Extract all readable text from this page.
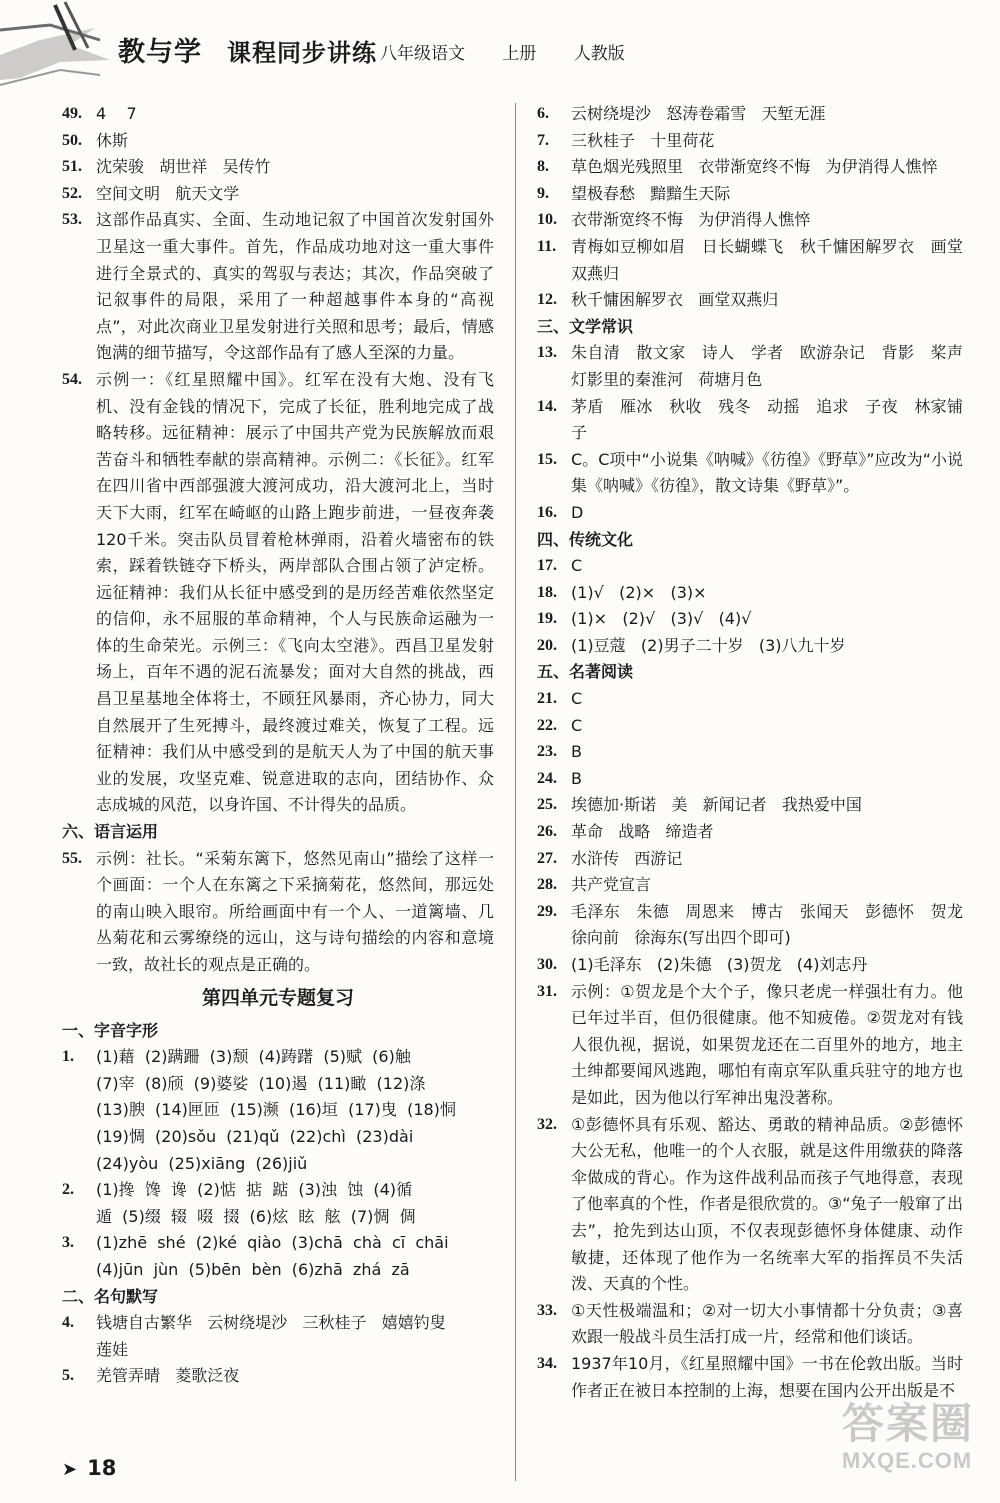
教与学 课程同步讲练 八年级语文 上册 人教版
49. 4    7
50. 休斯
51. 沈荣骏   胡世祥   吴传竹
52. 空间文明   航天文学
53. 这部作品真实、全面、生动地记叙了中国首次发射国外卫星这一重大事件。首先，作品成功地对这一重大事件进行全景式的、真实的驾驭与表达；其次，作品突破了记叙事件的局限，采用了一种超越事件本身的“高视点”，对此次商业卫星发射进行关照和思考；最后，情感饱满的细节描写，令这部作品有了感人至深的力量。
54. 示例一：《红星照耀中国》。红军在没有大炮、没有飞机、没有金钱的情况下，完成了长征，胜利地完成了战略转移。远征精神：展示了中国共产党为民族解放而艰苦奋斗和牺牲奉献的崇高精神。示例二：《长征》。红军在四川省中西部强渡大渡河成功，沿大渡河北上，当时天下大雨，红军在崎岖的山路上跑步前进，一昼夜奔袭120千米。突击队员冒着枪林弹雨，沿着火墙密布的铁索，踩着铁链夺下桥头，两岸部队合围占领了泸定桥。远征精神：我们从长征中感受到的是历经苦难依然坚定的信仰，永不屈服的革命精神，个人与民族命运融为一体的生命荣光。示例三：《飞向太空港》。西昌卫星发射场上，百年不遇的泥石流暴发；面对大自然的挑战，西昌卫星基地全体将士，不顾狂风暴雨，齐心协力，同大自然展开了生死搏斗，最终渡过难关，恢复了工程。远征精神：我们从中感受到的是航天人为了中国的航天事业的发展，攻坚克难、锐意进取的志向，团结协作、众志成城的风范，以身许国、不计得失的品质。
六、语言运用
55. 示例：社长。“采菊东篱下，悠然见南山”描绘了这样一个画面：一个人在东篱之下采摘菊花，悠然间，那远处的南山映入眼帘。所给画面中有一个人、一道篱墙、几丛菊花和云雾缭绕的远山，这与诗句描绘的内容和意境一致，故社长的观点是正确的。
第四单元专题复习
一、字音字形
1.	(1)藉  (2)蹒跚  (3)颓  (4)踌躇  (5)赋  (6)触
(7)宰  (8)颀  (9)婆娑  (10)遏  (11)瞰  (12)涤
(13)腴  (14)匣匝  (15)濒  (16)垣  (17)曳  (18)恫
(19)惆  (20)sǒu  (21)qǔ  (22)chì  (23)dài
(24)yòu  (25)xiāng  (26)jiǔ
2.	(1)搀  馋  谗  (2)惦  掂  踮  (3)浊  蚀  (4)循
遁  (5)缀  辍  啜  掇  (6)炫  眩  舷  (7)惆  倜
3.	(1)zhē  shé  (2)ké  qiào  (3)chā  chà  cī  chāi
(4)jūn  jùn  (5)bēn  bèn  (6)zhā  zhá  zā
二、名句默写
4.	钱塘自古繁华   云树绕堤沙   三秋桂子   嬉嬉钓叟
莲娃
5.	羌管弄晴   菱歌泛夜
6.	云树绕堤沙   怒涛卷霜雪   天堑无涯
7.	三秋桂子   十里荷花
8.	草色烟光残照里   衣带渐宽终不悔   为伊消得人憔悴
9.	望极春愁   黯黯生天际
10. 衣带渐宽终不悔   为伊消得人憔悴
11. 青梅如豆柳如眉   日长蝴蝶飞   秋千慵困解罗衣   画堂双燕归
12. 秋千慵困解罗衣   画堂双燕归
三、文学常识
13. 朱自清   散文家   诗人   学者   欧游杂记   背影   桨声灯影里的秦淮河   荷塘月色
14. 茅盾   雁冰   秋收   残冬   动摇   追求   子夜   林家铺子
15. C。C项中“小说集《呐喊》《彷徨》《野草》”应改为“小说集《呐喊》《彷徨》，散文诗集《野草》”。
16. D
四、传统文化
17. C
18. (1)√   (2)×   (3)×
19. (1)×   (2)√   (3)√   (4)√
20. (1)豆蔻   (2)男子二十岁   (3)八九十岁
五、名著阅读
21. C
22. C
23. B
24. B
25. 埃德加·斯诺   美   新闻记者   我热爱中国
26. 革命   战略   缔造者
27. 水浒传   西游记
28. 共产党宣言
29. 毛泽东   朱德   周恩来   博古   张闻天   彭德怀   贺龙   徐向前   徐海东(写出四个即可)
30. (1)毛泽东   (2)朱德   (3)贺龙   (4)刘志丹
31. 示例：①贺龙是个大个子，像只老虎一样强壮有力。他已年过半百，但仍很健康。他不知疲倦。②贺龙对有钱人很仇视，据说，如果贺龙还在二百里外的地方，地主土绅都要闻风逃跑，哪怕有南京军队重兵驻守的地方也是如此，因为他以行军神出鬼没著称。
32. ①彭德怀具有乐观、豁达、勇敢的精神品质。②彭德怀大公无私，他唯一的个人衣服，就是这件用缴获的降落伞做成的背心。作为这件战利品而孩子气地得意，表现了他率真的个性，作者是很欣赏的。③“兔子一般窜了出去”，抢先到达山顶，不仅表现彭德怀身体健康、动作敏捷，还体现了他作为一名统率大军的指挥员不失活泼、天真的个性。
33. ①天性极端温和；②对一切大小事情都十分负责；③喜欢跟一般战斗员生活打成一片，经常和他们谈话。
34. 1937年10月，《红星照耀中国》一书在伦敦出版。当时作者正在被日本控制的上海，想要在国内公开出版是不
➤ 18
答案圈
MXQE.COM
